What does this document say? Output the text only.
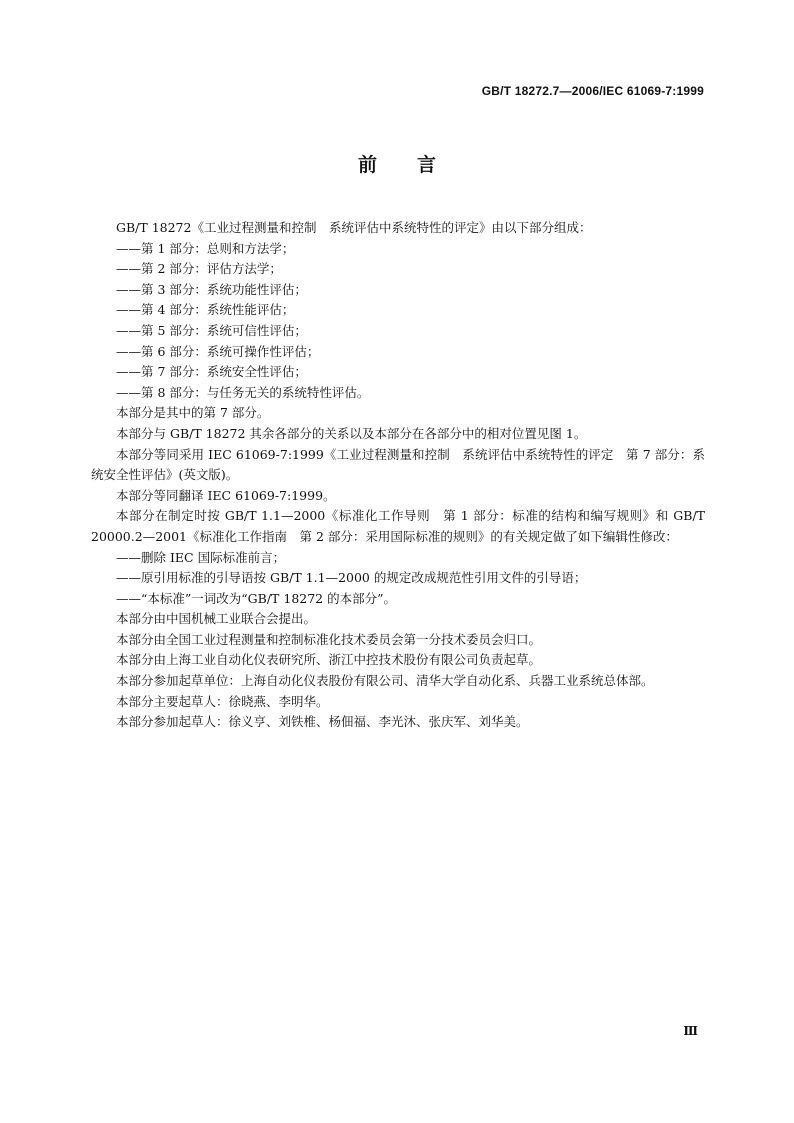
GB/T 18272.7—2006/IEC 61069-7:1999
前言

GB/T 18272《工业过程测量和控制　系统评估中系统特性的评定》由以下部分组成：

——第 1 部分：总则和方法学；

——第 2 部分：评估方法学；

——第 3 部分：系统功能性评估；

——第 4 部分：系统性能评估；

——第 5 部分：系统可信性评估；

——第 6 部分：系统可操作性评估；

——第 7 部分：系统安全性评估；

——第 8 部分：与任务无关的系统特性评估。

本部分是其中的第 7 部分。

本部分与 GB/T 18272 其余各部分的关系以及本部分在各部分中的相对位置见图 1。

本部分等同采用 IEC 61069-7:1999《工业过程测量和控制　系统评估中系统特性的评定　第 7 部分：系统安全性评估》(英文版)。

本部分等同翻译 IEC 61069-7:1999。

本部分在制定时按 GB/T 1.1—2000《标准化工作导则　第 1 部分：标准的结构和编写规则》和 GB/T 20000.2—2001《标准化工作指南　第 2 部分：采用国际标准的规则》的有关规定做了如下编辑性修改：

——删除 IEC 国际标准前言；

——原引用标准的引导语按 GB/T 1.1—2000 的规定改成规范性引用文件的引导语；

——“本标准”一词改为“GB/T 18272 的本部分”。

本部分由中国机械工业联合会提出。

本部分由全国工业过程测量和控制标准化技术委员会第一分技术委员会归口。

本部分由上海工业自动化仪表研究所、浙江中控技术股份有限公司负责起草。

本部分参加起草单位：上海自动化仪表股份有限公司、清华大学自动化系、兵器工业系统总体部。

本部分主要起草人：徐晓燕、李明华。

本部分参加起草人：徐义亨、刘铁椎、杨佃福、李光沐、张庆军、刘华美。

Ⅲ
